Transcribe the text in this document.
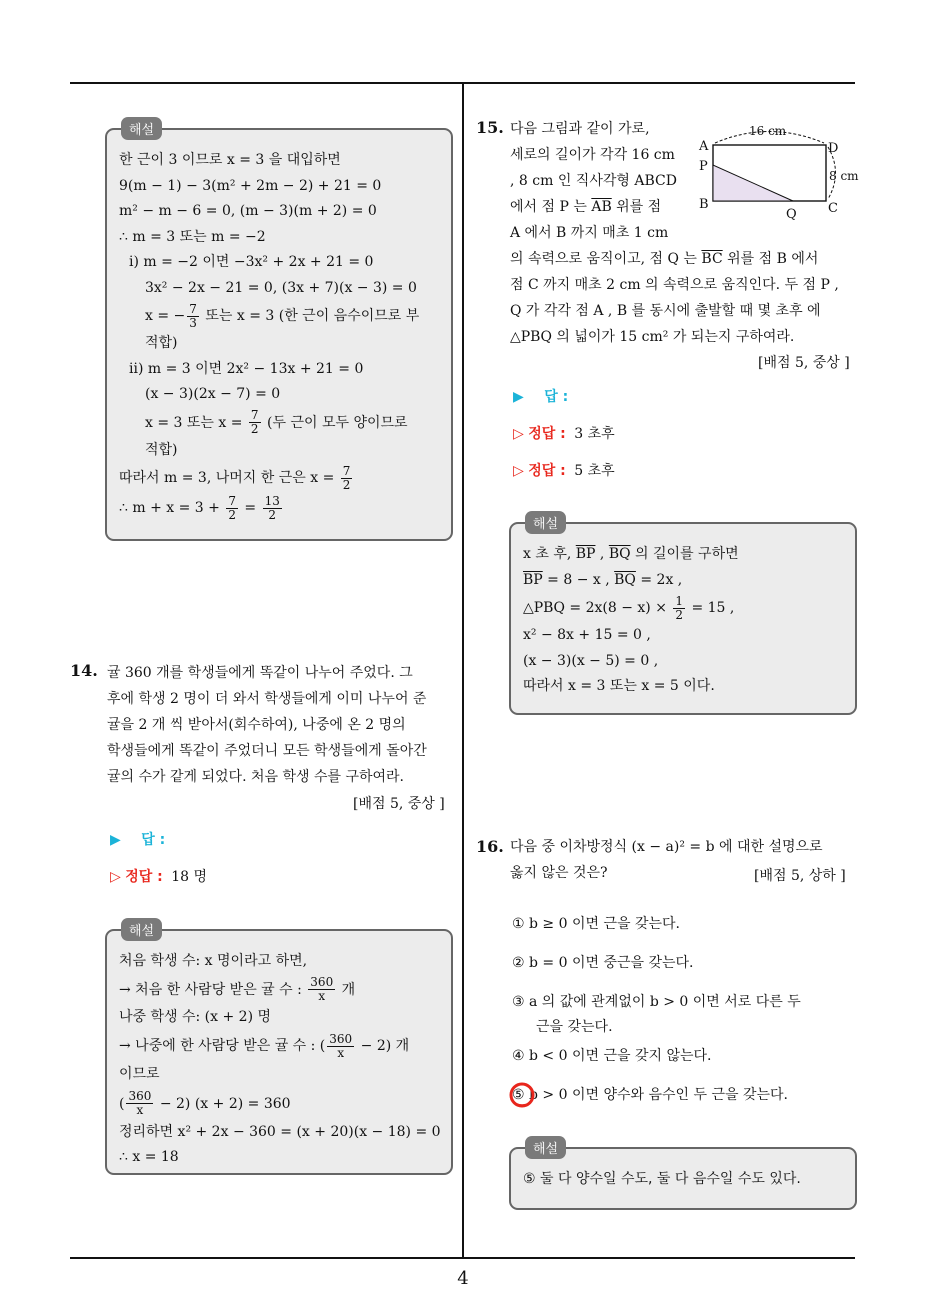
4
해설
한 근이 3 이므로 x = 3 을 대입하면
9(m − 1) − 3(m² + 2m − 2) + 21 = 0
m² − m − 6 = 0, (m − 3)(m + 2) = 0
∴ m = 3 또는 m = −2
ⅰ) m = −2 이면 −3x² + 2x + 21 = 0
3x² − 2x − 21 = 0, (3x + 7)(x − 3) = 0
x = − $\frac{7}{3}$ 또는 x = 3 (한 근이 음수이므로 부
적합)
ⅱ) m = 3 이면 2x² − 13x + 21 = 0
(x − 3)(2x − 7) = 0
x = 3 또는 $x = \frac{7}{2}$ (두 근이 모두 양이므로
적합)
따라서 m = 3, 나머지 한 근은 $x = \frac{7}{2}$
∴ $m + x = 3 + \frac{7}{2} = \frac{13}{2}$
14. 귤 360 개를 학생들에게 똑같이 나누어 주었다. 그
후에 학생 2 명이 더 와서 학생들에게 이미 나누어 준
귤을 2 개 씩 받아서(회수하여), 나중에 온 2 명의
학생들에게 똑같이 주었더니 모든 학생들에게 돌아간
귤의 수가 같게 되었다. 처음 학생 수를 구하여라.
[배점 5, 중상 ]
▶ 답 :
▷ 정답 : 18 명
해설
처음 학생 수: x 명이라고 하면,
→ 처음 한 사람당 받은 귤 수 : $\frac{360}{x}$ 개
나중 학생 수: (x + 2) 명
→ 나중에 한 사람당 받은 귤 수 : ( $\frac{360}{x} - 2$) 개
이므로
( $\frac{360}{x} - 2$) (x + 2) = 360
정리하면 x² + 2x − 360 = (x + 20)(x − 18) = 0
∴ x = 18
15. 다음 그림과 같이 가로,
세로의 길이가 각각 16 cm
, 8 cm 인 직사각형 ABCD
에서 점 P 는 $\overline{AB}$ 위를 점
A 에서 B 까지 매초 1 cm
의 속력으로 움직이고, 점 Q 는 $\overline{BC}$ 위를 점 B 에서
점 C 까지 매초 2 cm 의 속력으로 움직인다. 두 점 P ,
Q 가 각각 점 A , B 를 동시에 출발할 때 몇 초후 에
△PBQ 의 넓이가 15 cm² 가 되는지 구하여라.
[배점 5, 중상 ]
16 cm
8 cm
A
P
B
Q C
D
▶ 답 :
▷ 정답 : 3 초후
▷ 정답 : 5 초후
해설
x 초 후, $\overline{BP}$ , $\overline{BQ}$ 의 길이를 구하면
$\overline{BP} = 8 - x$ , $\overline{BQ} = 2x$ ,
△PBQ = $2x(8 - x) \times \frac{1}{2} = 15$ ,
x² − 8x + 15 = 0 ,
(x − 3)(x − 5) = 0 ,
따라서 x = 3 또는 x = 5 이다.
16. 다음 중 이차방정식 (x − a)² = b 에 대한 설명으로
옳지 않은 것은?	[배점 5, 상하 ]
① b ≥ 0 이면 근을 갖는다.
② b = 0 이면 중근을 갖는다.
③ a 의 값에 관계없이 b > 0 이면 서로 다른 두
근을 갖는다.
④ b < 0 이면 근을 갖지 않는다.
⑤ b > 0 이면 양수와 음수인 두 근을 갖는다.
해설
⑤ 둘 다 양수일 수도, 둘 다 음수일 수도 있다.
